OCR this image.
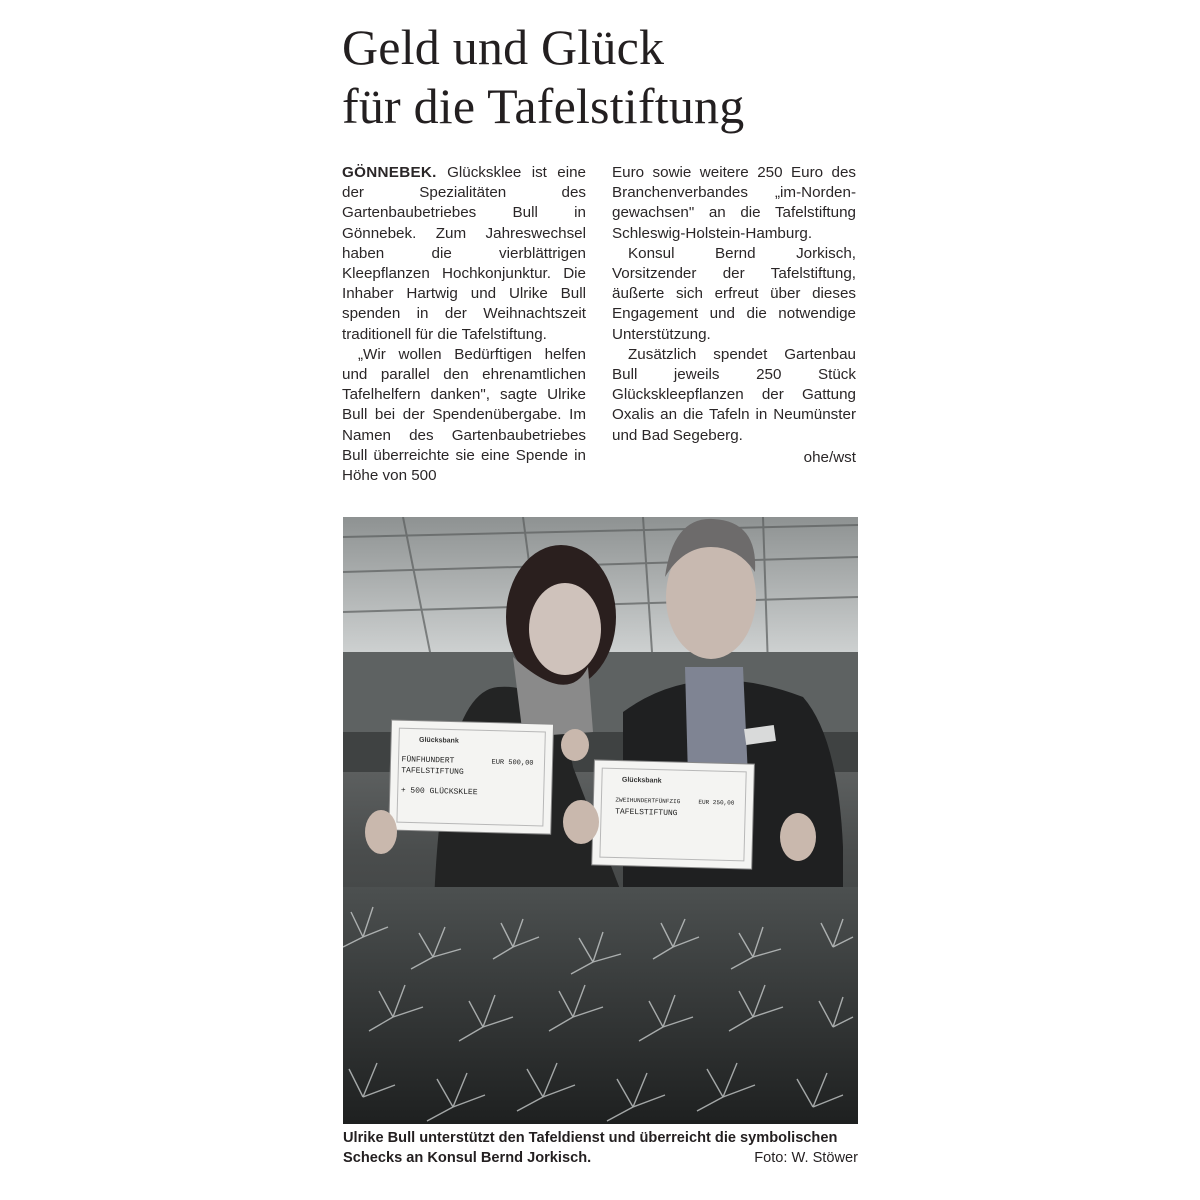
Geld und Glück
für die Tafelstiftung

GÖNNEBEK. Glücksklee ist eine der Spezialitäten des Gartenbaubetriebes Bull in Gönnebek. Zum Jahreswechsel haben die vierblättrigen Kleepflanzen Hochkonjunktur. Die Inhaber Hartwig und Ulrike Bull spenden in der Weihnachtszeit traditionell für die Tafelstiftung.

„Wir wollen Bedürftigen helfen und parallel den ehrenamtlichen Tafelhelfern danken", sagte Ulrike Bull bei der Spendenübergabe. Im Namen des Gartenbaubetriebes Bull überreichte sie eine Spende in Höhe von 500

Euro sowie weitere 250 Euro des Branchenverbandes „im-Norden-gewachsen" an die Tafelstiftung Schleswig-Holstein-Hamburg.

Konsul Bernd Jorkisch, Vorsitzender der Tafelstiftung, äußerte sich erfreut über dieses Engagement und die notwendige Unterstützung.

Zusätzlich spendet Gartenbau Bull jeweils 250 Stück Glückskleepflanzen der Gattung Oxalis an die Tafeln in Neumünster und Bad Segeberg.

ohe/wst
Glücksbank
FÜNFHUNDERT
TAFELSTIFTUNG
EUR 500,00
+ 500 GLÜCKSKLEE
Glücksbank
ZWEIHUNDERTFÜNFZIG	EUR 250,00
TAFELSTIFTUNG
Ulrike Bull unterstützt den Tafeldienst und überreicht die symbolischen Schecks an Konsul Bernd Jorkisch.	Foto: W. Stöwer
